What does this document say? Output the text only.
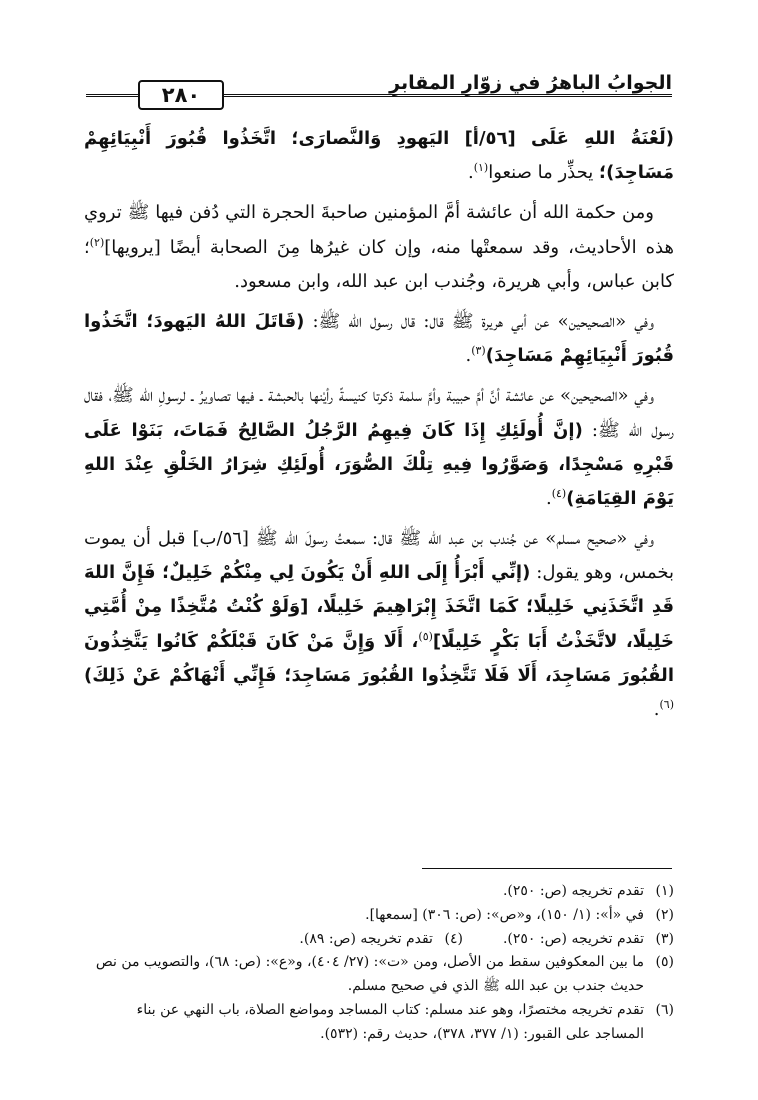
الجوابُ الباهرُ في زوّارِ المقابرِ
٢٨٠

(لَعْنَةُ اللهِ عَلَى [٥٦/أ] اليَهودِ وَالنَّصارَى؛ اتَّخَذُوا قُبُورَ أَنْبِيَائِهِمْ مَسَاجِدَ)؛ يحذِّر ما صنعوا$^{(١)}$.

ومن حكمة الله أن عائشة أمَّ المؤمنين صاحبةَ الحجرة التي دُفن فيها ﷺ تروي هذه الأحاديث، وقد سمعتْها منه، وإن كان غيرُها مِنَ الصحابة أيضًا [يرويها]$^{(٢)}$؛ كابن عباس، وأبي هريرة، وجُندب ابن عبد الله، وابن مسعود.

وفي «الصحيحين» عن أبي هريرة ﷺ قال: قال رسول الله ﷺ: (قَاتَلَ اللهُ اليَهودَ؛ اتَّخَذُوا قُبُورَ أَنْبِيَائِهِمْ مَسَاجِدَ)$^{(٣)}$.

وفي «الصحيحين» عن عائشة أنَّ أمَّ حبيبة وأمَّ سلمة ذكرتا كنيسةً رأيْنها بالحبشة ـ فيها تصاويرُ ـ لرسولِ الله ﷺ، فقال رسول الله ﷺ: (إنَّ أُولَئِكِ إِذَا كَانَ فِيهِمُ الرَّجُلُ الصَّالِحُ فَمَاتَ، بَنَوْا عَلَى قَبْرِهِ مَسْجِدًا، وَصَوَّرُوا فِيهِ تِلْكَ الصُّوَرَ، أُولَئِكِ شِرَارُ الخَلْقِ عِنْدَ اللهِ يَوْمَ القِيَامَةِ)$^{(٤)}$.

وفي «صحيح مسلم» عن جُندب بن عبد الله ﷺ قال: سمعتُ رسولَ الله ﷺ [٥٦/ب] قبل أن يموت بخمس، وهو يقول: (إنِّي أَبْرَأُ إِلَى اللهِ أَنْ يَكُونَ لِي مِنْكُمْ خَلِيلٌ؛ فَإِنَّ اللهَ قَدِ اتَّخَذَنِي خَلِيلًا؛ كَمَا اتَّخَذَ إِبْرَاهِيمَ خَلِيلًا، [وَلَوْ كُنْتُ مُتَّخِذًا مِنْ أُمَّتِي خَلِيلًا، لاتَّخَذْتُ أَبَا بَكْرٍ خَلِيلًا]$^{(٥)}$، أَلَا وَإِنَّ مَنْ كَانَ قَبْلَكُمْ كَانُوا يَتَّخِذُونَ القُبُورَ مَسَاجِدَ، أَلَا فَلَا تَتَّخِذُوا القُبُورَ مَسَاجِدَ؛ فَإِنِّي أَنْهَاكُمْ عَنْ ذَلِكَ)$^{(٦)}$.

(١)
تقدم تخريجه (ص: ٢٥٠).

(٢)
في «أ»: (١/ ١٥٠)، و«ص»: (ص: ٣٠٦) [سمعها].

(٣)
تقدم تخريجه (ص: ٢٥٠).

(٤)
تقدم تخريجه (ص: ٨٩).

(٥)
ما بين المعكوفين سقط من الأصل، ومن «ت»: (٢٧/ ٤٠٤)، و«ع»: (ص: ٦٨)، والتصويب من نص حديث جندب بن عبد الله ﷺ الذي في صحيح مسلم.

(٦)
تقدم تخريجه مختصرًا، وهو عند مسلم: كتاب المساجد ومواضع الصلاة، باب النهي عن بناء المساجد على القبور: (١/ ٣٧٧، ٣٧٨)، حديث رقم: (٥٣٢).
